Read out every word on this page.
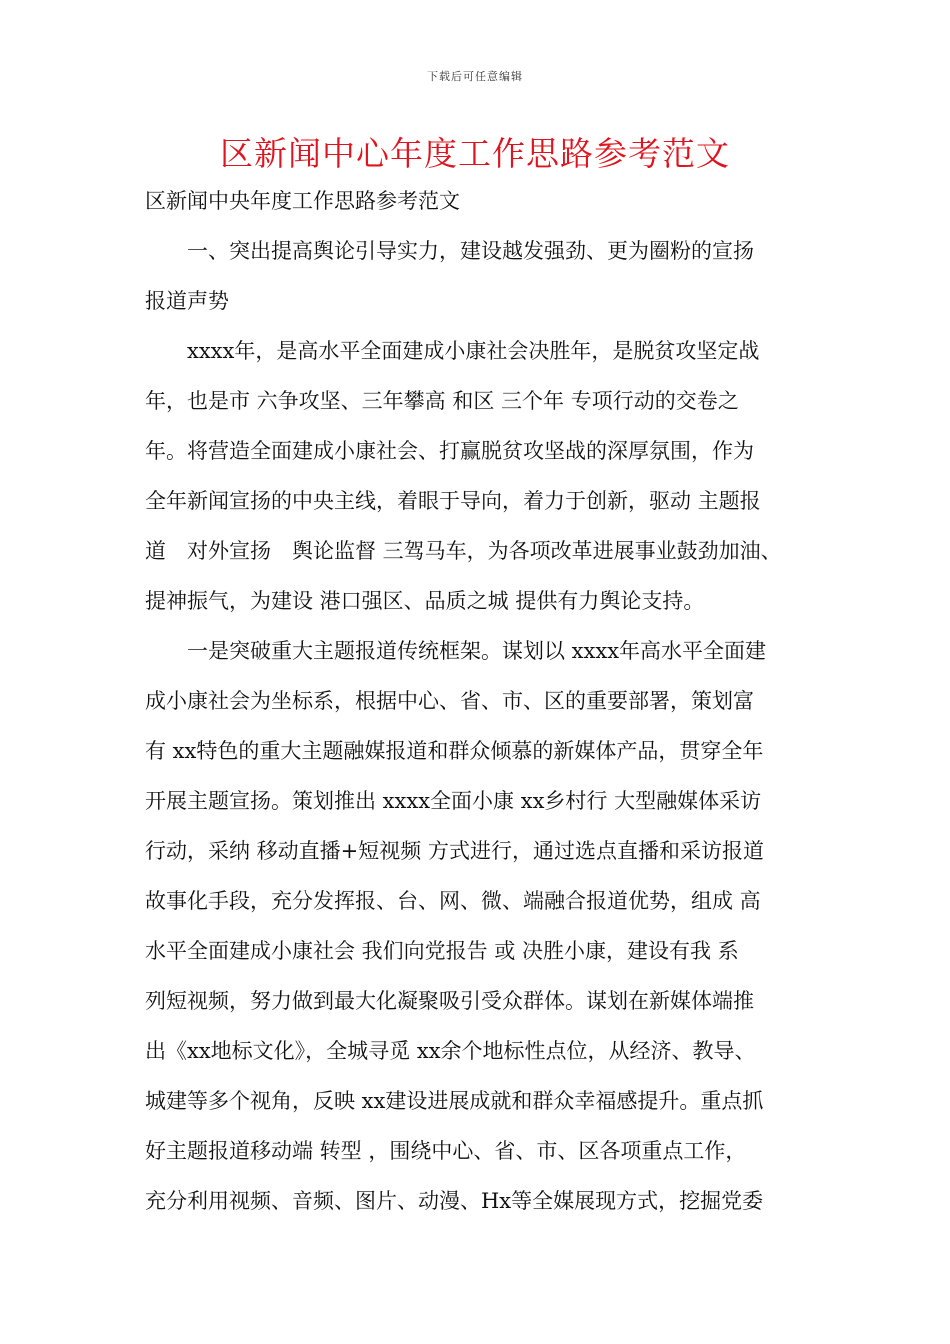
下载后可任意编辑
区新闻中心年度工作思路参考范文
区新闻中央年度工作思路参考范文
　　一、突出提高舆论引导实力，建设越发强劲、更为圈粉的宣扬
报道声势
　　xxxx年，是高水平全面建成小康社会决胜年，是脱贫攻坚定战
年，也是市 六争攻坚、三年攀高 和区 三个年 专项行动的交卷之
年。将营造全面建成小康社会、打赢脱贫攻坚战的深厚氛围，作为
全年新闻宣扬的中央主线，着眼于导向，着力于创新，驱动 主题报
道　对外宣扬　舆论监督 三驾马车，为各项改革进展事业鼓劲加油、
提神振气，为建设 港口强区、品质之城 提供有力舆论支持。
　　一是突破重大主题报道传统框架。谋划以 xxxx年高水平全面建
成小康社会为坐标系，根据中心、省、市、区的重要部署，策划富
有 xx特色的重大主题融媒报道和群众倾慕的新媒体产品，贯穿全年
开展主题宣扬。策划推出 xxxx全面小康 xx乡村行 大型融媒体采访
行动，采纳 移动直播+短视频 方式进行，通过选点直播和采访报道
故事化手段，充分发挥报、台、网、微、端融合报道优势，组成 高
水平全面建成小康社会 我们向党报告 或 决胜小康，建设有我 系
列短视频，努力做到最大化凝聚吸引受众群体。谋划在新媒体端推
出《xx地标文化》，全城寻觅 xx余个地标性点位，从经济、教导、
城建等多个视角，反映 xx建设进展成就和群众幸福感提升。重点抓
好主题报道移动端 转型 ，围绕中心、省、市、区各项重点工作，
充分利用视频、音频、图片、动漫、Hx等全媒展现方式，挖掘党委
